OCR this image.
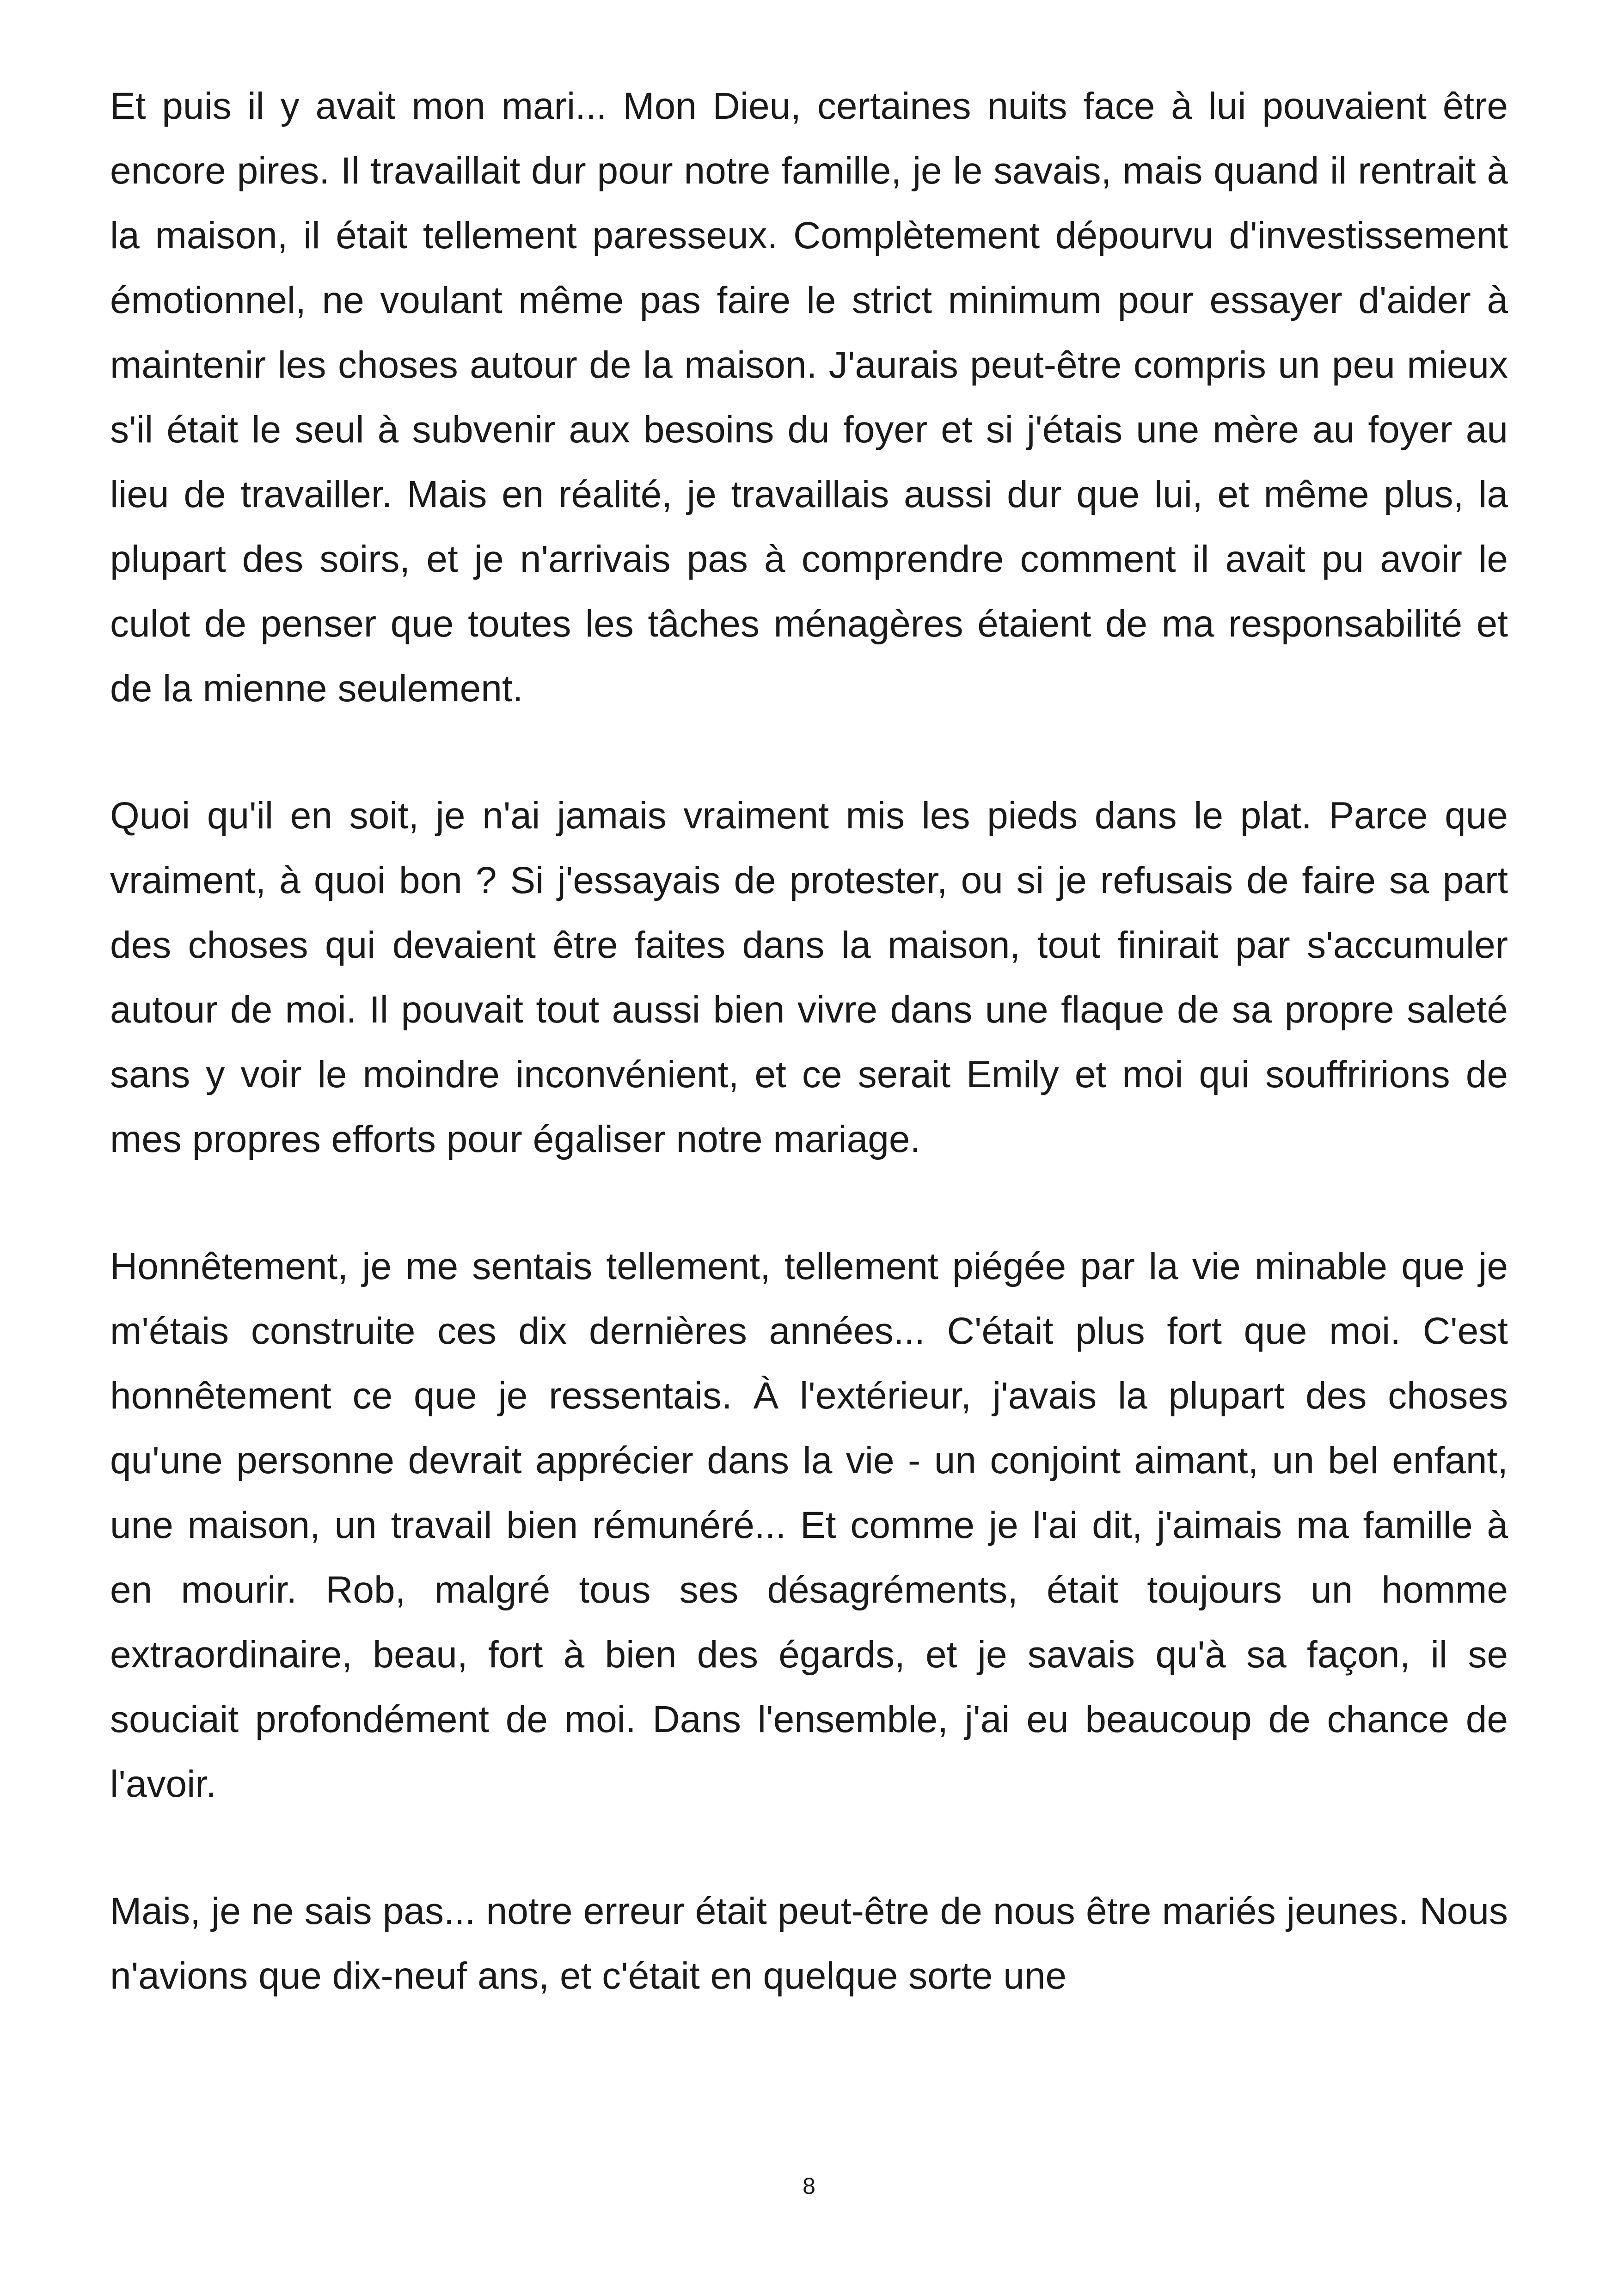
Et puis il y avait mon mari... Mon Dieu, certaines nuits face à lui pouvaient être encore pires. Il travaillait dur pour notre famille, je le savais, mais quand il rentrait à la maison, il était tellement paresseux. Complètement dépourvu d'investissement émotionnel, ne voulant même pas faire le strict minimum pour essayer d'aider à maintenir les choses autour de la maison. J'aurais peut-être compris un peu mieux s'il était le seul à subvenir aux besoins du foyer et si j'étais une mère au foyer au lieu de travailler. Mais en réalité, je travaillais aussi dur que lui, et même plus, la plupart des soirs, et je n'arrivais pas à comprendre comment il avait pu avoir le culot de penser que toutes les tâches ménagères étaient de ma responsabilité et de la mienne seulement.

Quoi qu'il en soit, je n'ai jamais vraiment mis les pieds dans le plat. Parce que vraiment, à quoi bon ? Si j'essayais de protester, ou si je refusais de faire sa part des choses qui devaient être faites dans la maison, tout finirait par s'accumuler autour de moi. Il pouvait tout aussi bien vivre dans une flaque de sa propre saleté sans y voir le moindre inconvénient, et ce serait Emily et moi qui souffririons de mes propres efforts pour égaliser notre mariage.

Honnêtement, je me sentais tellement, tellement piégée par la vie minable que je m'étais construite ces dix dernières années... C'était plus fort que moi. C'est honnêtement ce que je ressentais. À l'extérieur, j'avais la plupart des choses qu'une personne devrait apprécier dans la vie - un conjoint aimant, un bel enfant, une maison, un travail bien rémunéré... Et comme je l'ai dit, j'aimais ma famille à en mourir. Rob, malgré tous ses désagréments, était toujours un homme extraordinaire, beau, fort à bien des égards, et je savais qu'à sa façon, il se souciait profondément de moi. Dans l'ensemble, j'ai eu beaucoup de chance de l'avoir.

Mais, je ne sais pas... notre erreur était peut-être de nous être mariés jeunes. Nous n'avions que dix-neuf ans, et c'était en quelque sorte une

8
